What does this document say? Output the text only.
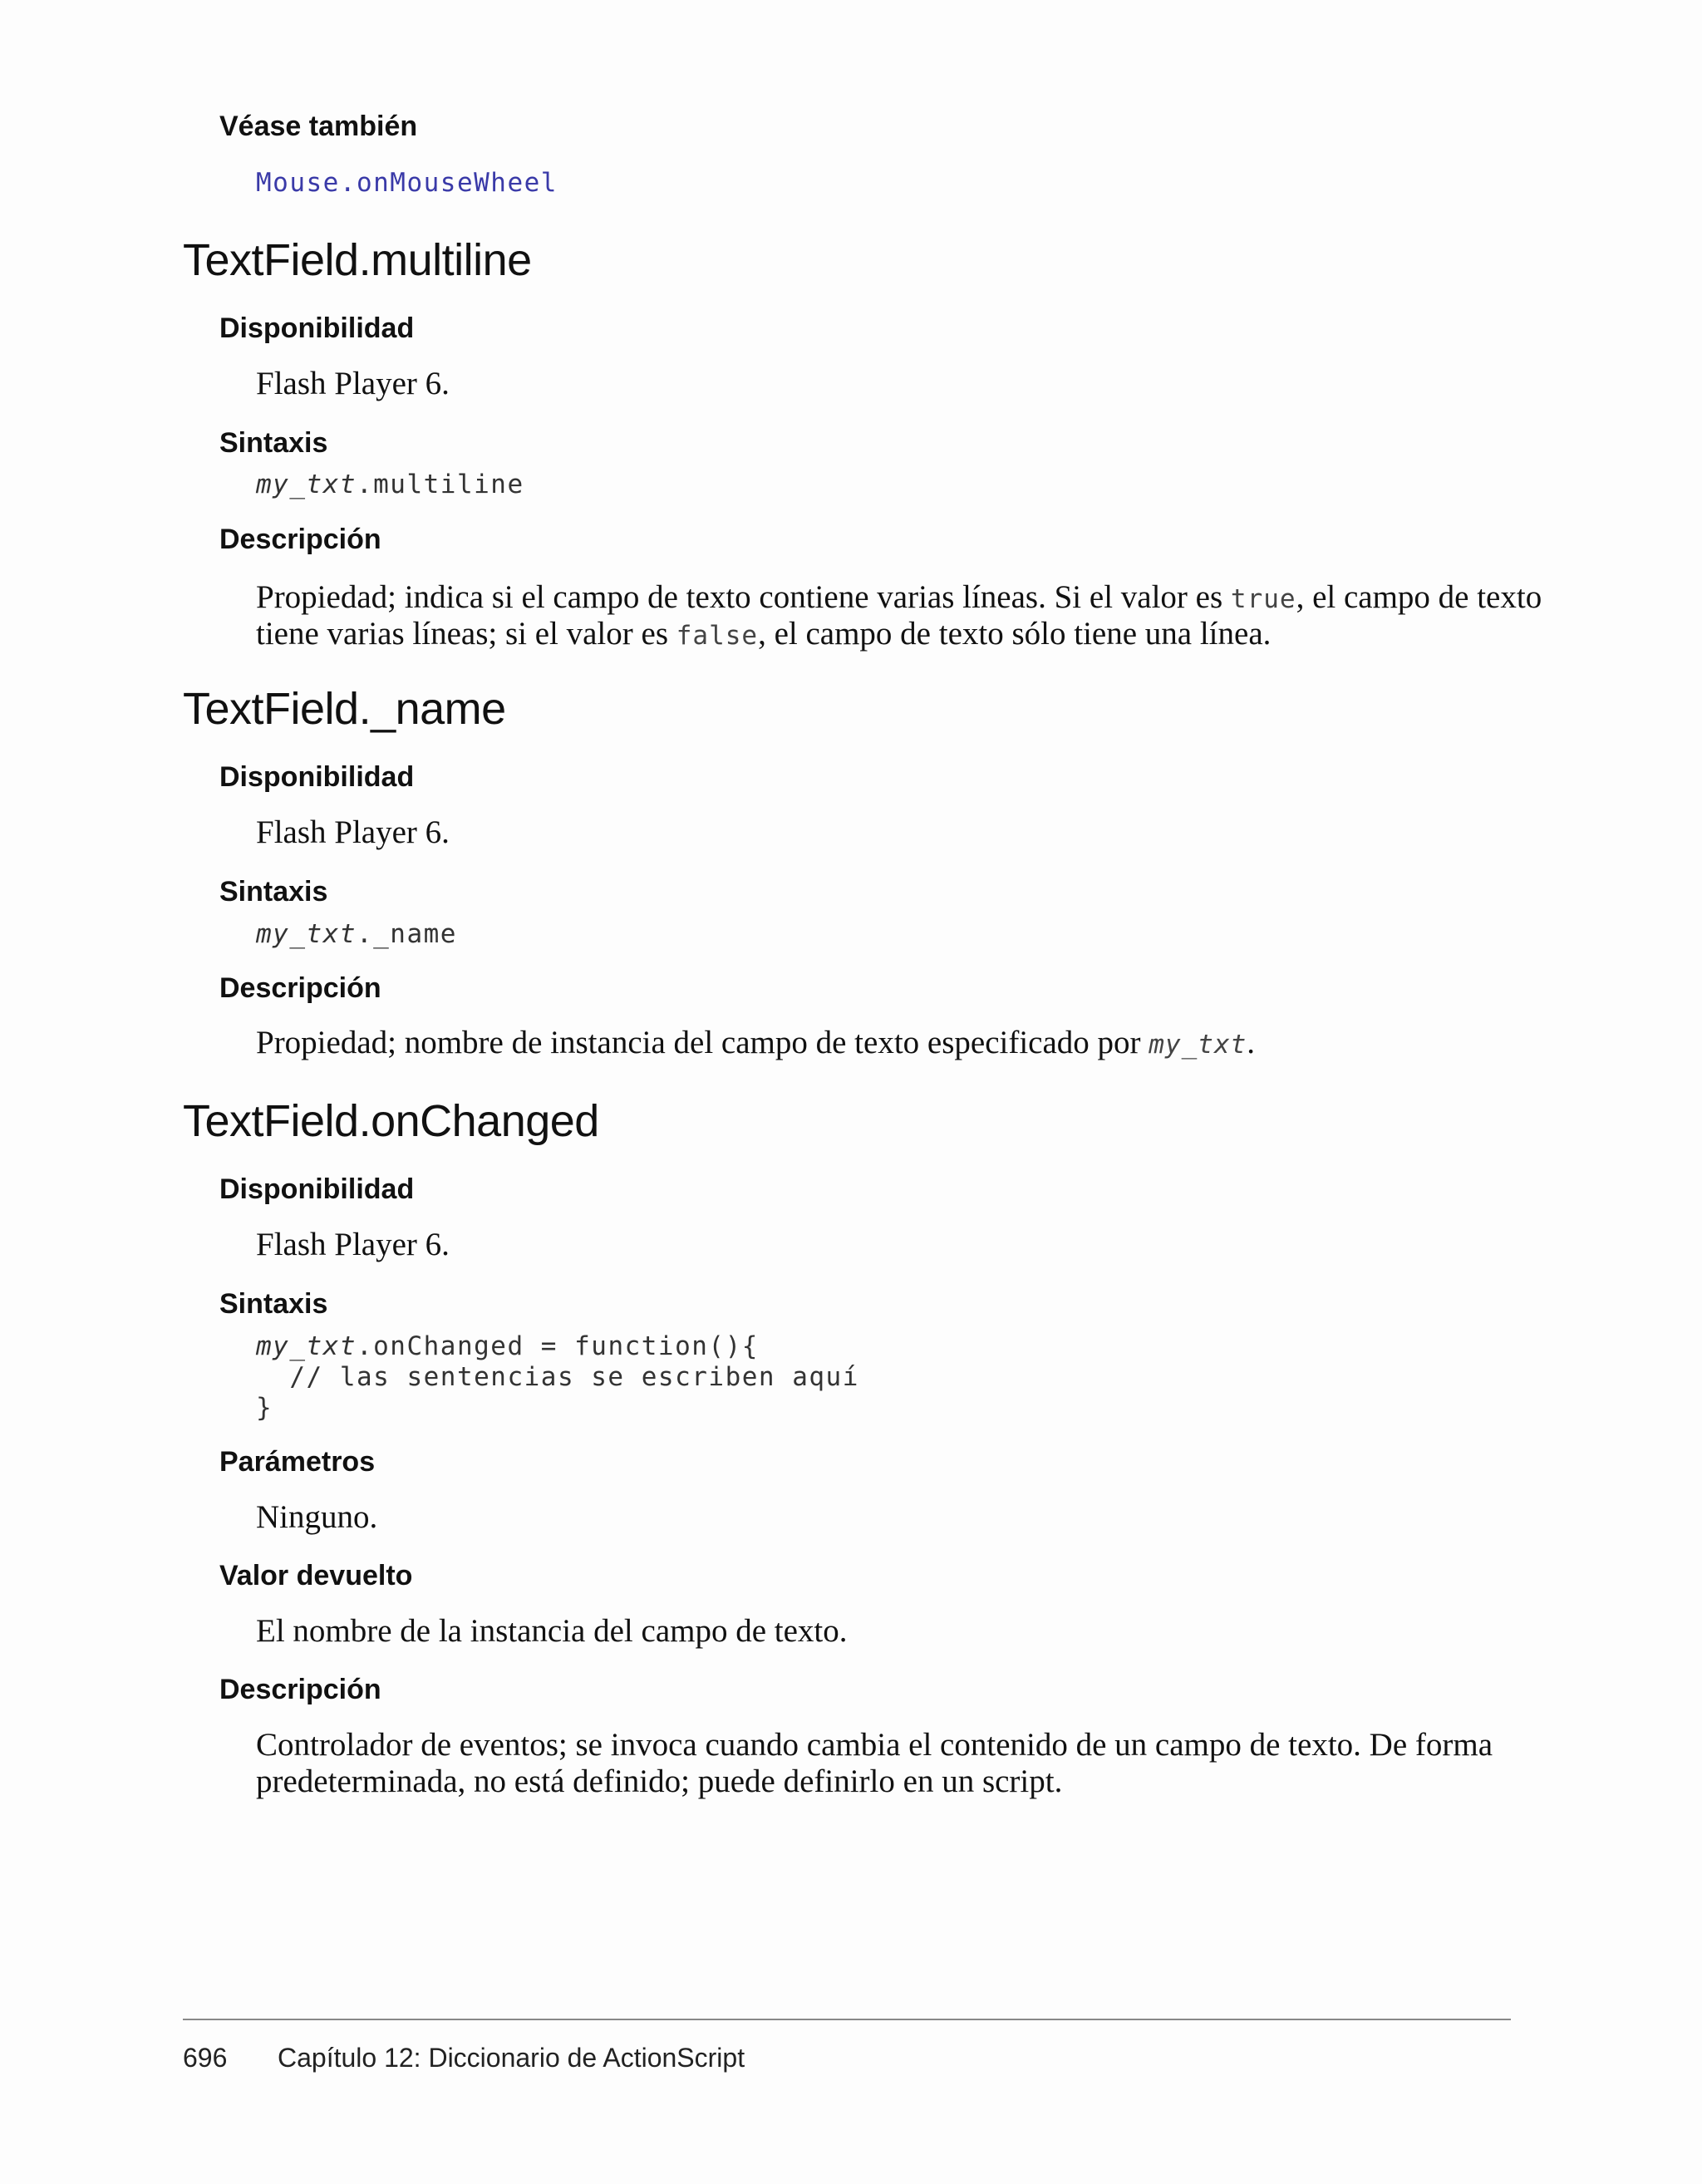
Véase también
Mouse.onMouseWheel
TextField.multiline
Disponibilidad
Flash Player 6.
Sintaxis
my_txt.multiline
Descripción
Propiedad; indica si el campo de texto contiene varias líneas. Si el valor es true, el campo de texto
tiene varias líneas; si el valor es false, el campo de texto sólo tiene una línea.
TextField._name
Disponibilidad
Flash Player 6.
Sintaxis
my_txt._name
Descripción
Propiedad; nombre de instancia del campo de texto especificado por my_txt.
TextField.onChanged
Disponibilidad
Flash Player 6.
Sintaxis
my_txt.onChanged = function(){
// las sentencias se escriben aquí
}
Parámetros
Ninguno.
Valor devuelto
El nombre de la instancia del campo de texto.
Descripción
Controlador de eventos; se invoca cuando cambia el contenido de un campo de texto. De forma
predeterminada, no está definido; puede definirlo en un script.
696 Capítulo 12: Diccionario de ActionScript
